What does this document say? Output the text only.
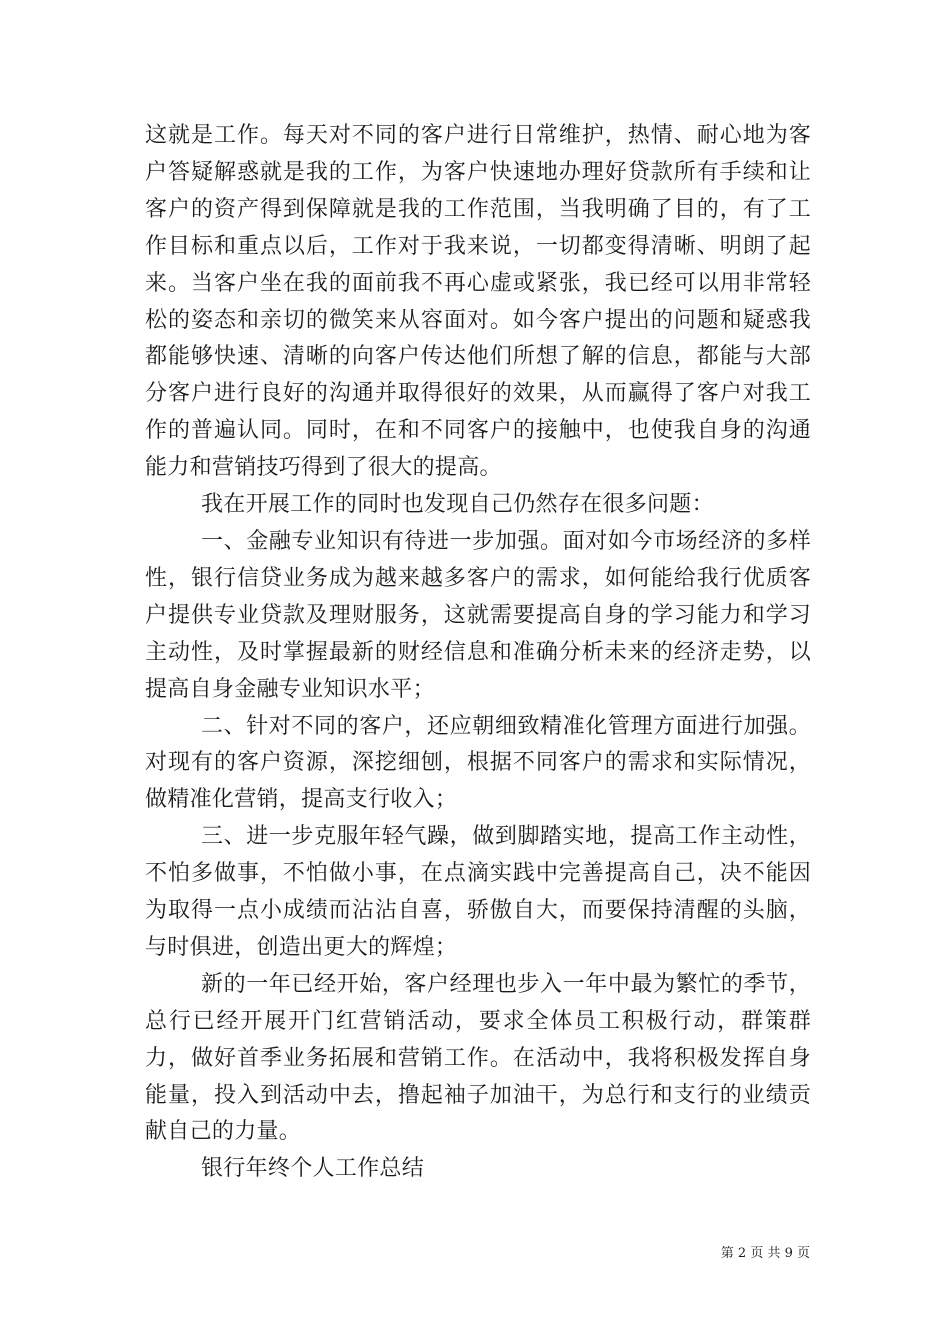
这就是工作。每天对不同的客户进行日常维护，热情、耐心地为客户答疑解惑就是我的工作，为客户快速地办理好贷款所有手续和让客户的资产得到保障就是我的工作范围，当我明确了目的，有了工作目标和重点以后，工作对于我来说，一切都变得清晰、明朗了起来。当客户坐在我的面前我不再心虚或紧张，我已经可以用非常轻松的姿态和亲切的微笑来从容面对。如今客户提出的问题和疑惑我都能够快速、清晰的向客户传达他们所想了解的信息，都能与大部分客户进行良好的沟通并取得很好的效果，从而赢得了客户对我工作的普遍认同。同时，在和不同客户的接触中，也使我自身的沟通能力和营销技巧得到了很大的提高。

我在开展工作的同时也发现自己仍然存在很多问题：

一、金融专业知识有待进一步加强。面对如今市场经济的多样性，银行信贷业务成为越来越多客户的需求，如何能给我行优质客户提供专业贷款及理财服务，这就需要提高自身的学习能力和学习主动性，及时掌握最新的财经信息和准确分析未来的经济走势，以提高自身金融专业知识水平；

二、针对不同的客户，还应朝细致精准化管理方面进行加强。对现有的客户资源，深挖细刨，根据不同客户的需求和实际情况，做精准化营销，提高支行收入；

三、进一步克服年轻气躁，做到脚踏实地，提高工作主动性，不怕多做事，不怕做小事，在点滴实践中完善提高自己，决不能因为取得一点小成绩而沾沾自喜，骄傲自大，而要保持清醒的头脑，与时俱进，创造出更大的辉煌；

新的一年已经开始，客户经理也步入一年中最为繁忙的季节，总行已经开展开门红营销活动，要求全体员工积极行动，群策群力，做好首季业务拓展和营销工作。在活动中，我将积极发挥自身能量，投入到活动中去，撸起袖子加油干，为总行和支行的业绩贡献自己的力量。

银行年终个人工作总结

第 2 页 共 9 页
